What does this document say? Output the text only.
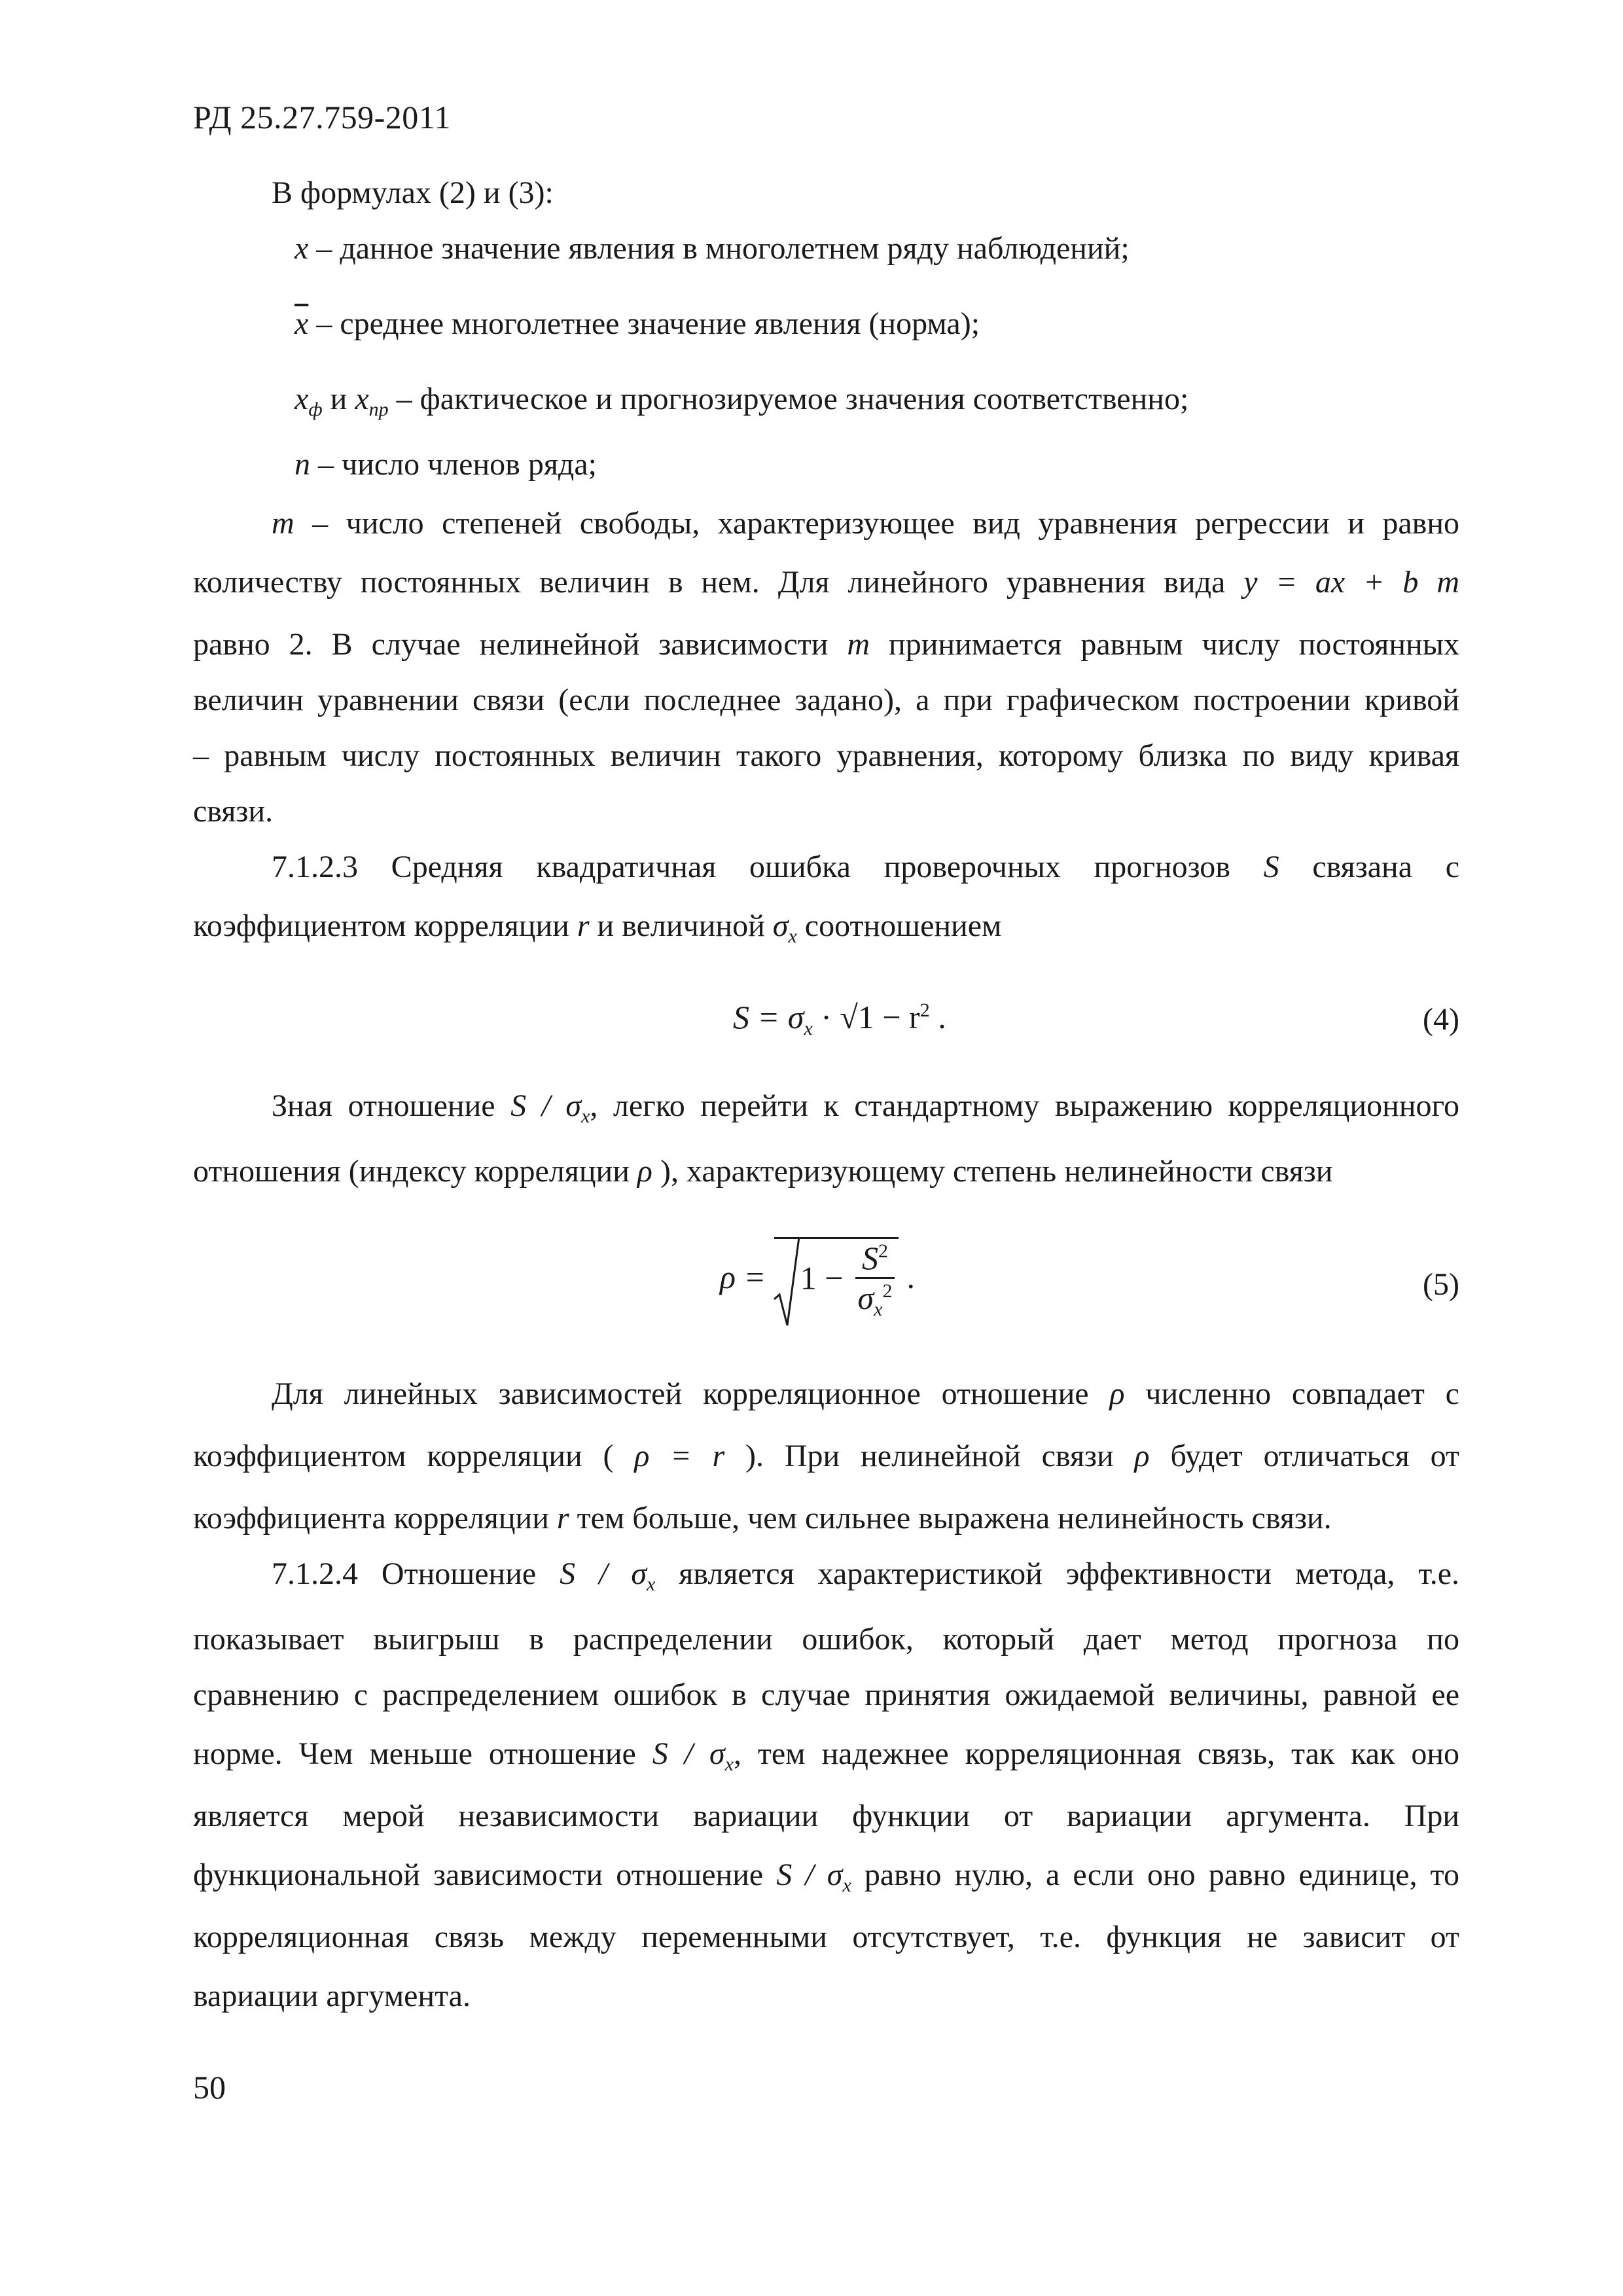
РД 25.27.759-2011
В формулах (2) и (3):
x – данное значение явления в многолетнем ряду наблюдений;
$\overline{x}$ – среднее многолетнее значение явления (норма);
$x_ф$ и $x_{пр}$ – фактическое и прогнозируемое значения соответственно;
n – число членов ряда;
m – число степеней свободы, характеризующее вид уравнения регрессии и равно
количеству постоянных величин в нем. Для линейного уравнения вида y = ax + b m
равно 2. В случае нелинейной зависимости m принимается равным числу постоянных
величин уравнении связи (если последнее задано), а при графическом построении кривой
– равным числу постоянных величин такого уравнения, которому близка по виду кривая
связи.
7.1.2.3 Средняя квадратичная ошибка проверочных прогнозов S связана с
коэффициентом корреляции r и величиной $\sigma_x$ соотношением
$S = \sigma_x \cdot √1 - r^2$ .	(4)
Зная отношение S / $\sigma_x$, легко перейти к стандартному выражению корреляционного
отношения (индексу корреляции ρ ), характеризующему степень нелинейности связи
ρ =
$1 - \frac{S^2}{\sigma_x^2}$ .	(5)
Для линейных зависимостей корреляционное отношение ρ численно совпадает с
коэффициентом корреляции ( ρ = r ). При нелинейной связи ρ будет отличаться от
коэффициента корреляции r тем больше, чем сильнее выражена нелинейность связи.
7.1.2.4 Отношение S / $\sigma_x$ является характеристикой эффективности метода, т.е.
показывает выигрыш в распределении ошибок, который дает метод прогноза по
сравнению с распределением ошибок в случае принятия ожидаемой величины, равной ее
норме. Чем меньше отношение S / $\sigma_x$, тем надежнее корреляционная связь, так как оно
является мерой независимости вариации функции от вариации аргумента. При
функциональной зависимости отношение S / $\sigma_x$ равно нулю, а если оно равно единице, то
корреляционная связь между переменными отсутствует, т.е. функция не зависит от
вариации аргумента.
50
